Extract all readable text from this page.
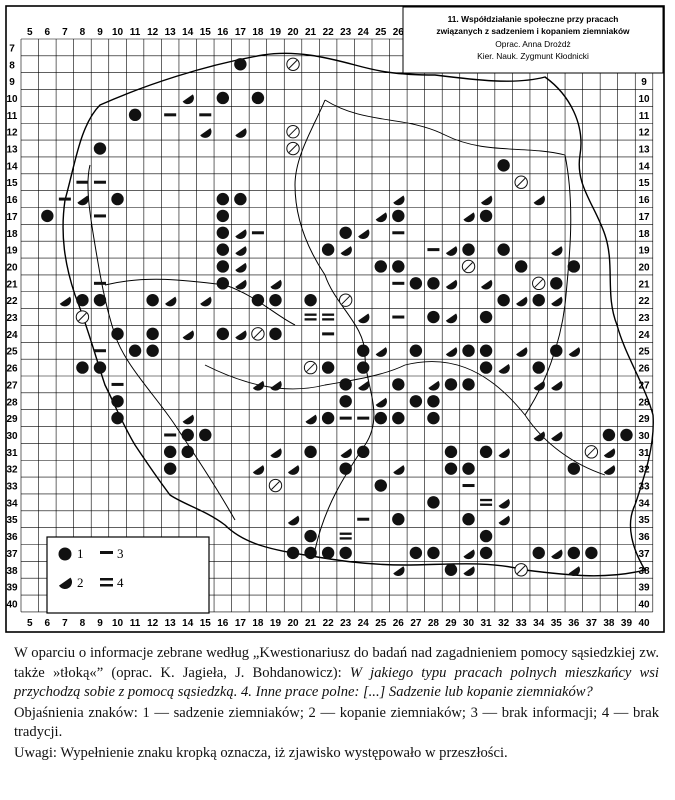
11. Współdziałanie społeczne przy pracach
związanych z sadzeniem i kopaniem ziemniaków
Oprac. Anna Drożdż
Kier. Nauk. Zygmunt Kłodnicki
5 6 7 8 9 10 11 12 13 14 15 16 17 18 19 20 21 22 23 24 25 26
5 6 7 8 9 10 11 12 13 14 15 16 17 18 19 20 21 22 23 24 25 26 27 28 29 30 31 32 33 34 35 36 37 38 39 40
7
8
9
10
11
12
13
14
15
16
17
18
19
20
21
22
23
24
25
26
27
28
29
30
31
32
33
34
35
36
37
38
39
40
9
10
11
12
13
14
15
16
17
18
19
20
21
22
23
24
25
26
27
28
29
30
31
32
33
34
35
36
37
38
39
40
1	3
2	4

W oparciu o informacje zebrane według „Kwestionariusz do badań nad zagadnieniem pomocy sąsiedzkiej zw. także »tłoką«” (oprac. K. Jagieła, J. Bohdanowicz): W jakiego typu pracach polnych mieszkańcy wsi przychodzą sobie z pomocą sąsiedzką. 4. Inne prace polne: [...] Sadzenie lub kopanie ziemniaków?

Objaśnienia znaków: 1 — sadzenie ziemniaków; 2 — kopanie ziemniaków; 3 — brak informacji; 4 — brak tradycji.

Uwagi: Wypełnienie znaku kropką oznacza, iż zjawisko występowało w przeszłości.
